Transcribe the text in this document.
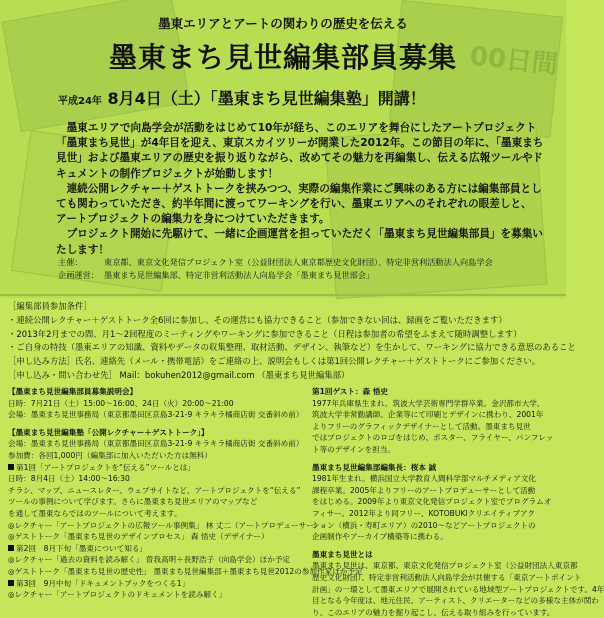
00日間
墨東エリアとアートの関わりの歴史を伝える
墨東まち見世編集部員募集
平成24年 8月4日（土）「墨東まち見世編集塾」開講！

墨東エリアで向島学会が活動をはじめて10年が経ち、このエリアを舞台にしたアートプロジェクト

「墨東まち見世」が4年目を迎え、東京スカイツリーが開業した2012年。この節目の年に、「墨東まち

見世」および墨東エリアの歴史を振り返りながら、改めてその魅力を再編集し、伝える広報ツールやド

キュメントの制作プロジェクトが始動します！

連続公開レクチャー＋ゲストトークを挟みつつ、実際の編集作業にご興味のある方には編集部員とし

ても関わっていただき、約半年間に渡ってワーキングを行い、墨東エリアへのそれぞれの眼差しと、

アートプロジェクトの編集力を身につけていただきます。

プロジェクト開始に先駆けて、一緒に企画運営を担っていただく「墨東まち見世編集部員」を募集い

たします！

主催：	東京都、東京文化発信プロジェクト室（公益財団法人東京都歴史文化財団）、特定非営利活動法人向島学会
企画運営： 墨東まち見世編集部、特定非営利活動法人向島学会「墨東まち見世部会」
［編集部員参加条件］
・連続公開レクチャー＋ゲストトーク全6回に参加し、その運営にも協力できること（参加できない回は、録画をご覧いただきます）
・2013年2月までの間、月1〜2回程度のミーティングやワーキングに参加できること（日程は参加者の希望をふまえて随時調整します）
・ご自身の特技（墨東エリアの知識、資料やデータの収集整理、取材活動、デザイン、執筆など）を生かして、ワーキングに協力できる意思のあること
［申し込み方法］氏名、連絡先（メール・携帯電話）をご連絡の上、説明会もしくは第1回公開レクチャー＋ゲストトークにご参加ください。
［申し込み・問い合わせ先］ Mail：bokuhen2012@gmail.com （墨東まち見世編集部）
【墨東まち見世編集部員募集説明会】
日時：7月21日（土）15:00〜16:00、24日（火）20:00〜21:00
会場：墨東まち見世事務局（東京都墨田区京島3-21-9 キラキラ橘商店街 交番斜め前）
【墨東まち見世編集塾「公開レクチャー＋ゲストトーク」】
会場：墨東まち見世事務局（東京都墨田区京島3-21-9 キラキラ橘商店街 交番斜め前）
参加費：各回1,000円（編集部に加入いただいた方は無料）
第1回「アートプロジェクトを“伝える”ツールとは」
日時：8月4日（土）14:00〜16:30
チラシ、マップ、ニュースレター、ウェブサイトなど、アートプロジェクトを“伝える”
ツールの事例について学びます。さらに墨東まち見世エリアのマップなど
を通して墨東ならではのツールについて考えます。
◎レクチャー「アートプロジェクトの広報ツール事例集」 林 丈二（アートプロデューサー）
◎ゲストトーク「墨東まち見世のデザインプロセス」 森 悟史（デザイナー）
第2回　8月下旬「墨東について知る」
◎レクチャー「過去の資料を読み解く」 曽我高明＋長野浩子（向島学会）ほか予定
◎ゲストトーク「墨東まち見世の歴史性」 墨東まち見世編集部＋墨東まち見世2012の参加作家ほか予定
第3回　9月中旬「ドキュメントブックをつくる1」
◎レクチャー「アートプロジェクトのドキュメントを読み解く」
第1回ゲスト：森 悟史
1977年兵庫県生まれ。筑波大学芸術専門学群卒業。金沢都市大学、
筑波大学非常勤講師、企業等にて印刷とデザインに携わり、2001年
よりフリーのグラフィックデザイナーとして活動。墨東まち見世
ではプロジェクトのロゴをはじめ、ポスター、フライヤー、パンフレッ
ト等のデザインを担当。
墨東まち見世編集部編集長：桜本 誠
1981年生まれ。横浜国立大学教育人間科学部マルチメディア文化
課程卒業。2005年よりフリーのアートプロデューサーとして活動
をはじめる。2009年より東京文化発信プロジェクト室でプログラムオ
フィサー。2012年より同フリー、KOTOBUKIクリエイティブアク
ション（横浜・寿町エリア）の2010〜などアートプロジェクトの
企画制作やアーカイブ構築等に携わる。
墨東まち見世とは
墨東まち見世は、東京都、東京文化発信プロジェクト室（公益財団法人東京都
歴史文化財団）、特定非営利活動法人向島学会が共催する「東京アートポイント
計画」の一環として墨東エリアで展開されている地域型アートプロジェクトです。4年
目となる今年度は、地元住民、アーティスト、クリエーターなどの多様な主体が関わ
り、このエリアの魅力を掘り起こし、伝える取り組みを行っています。
